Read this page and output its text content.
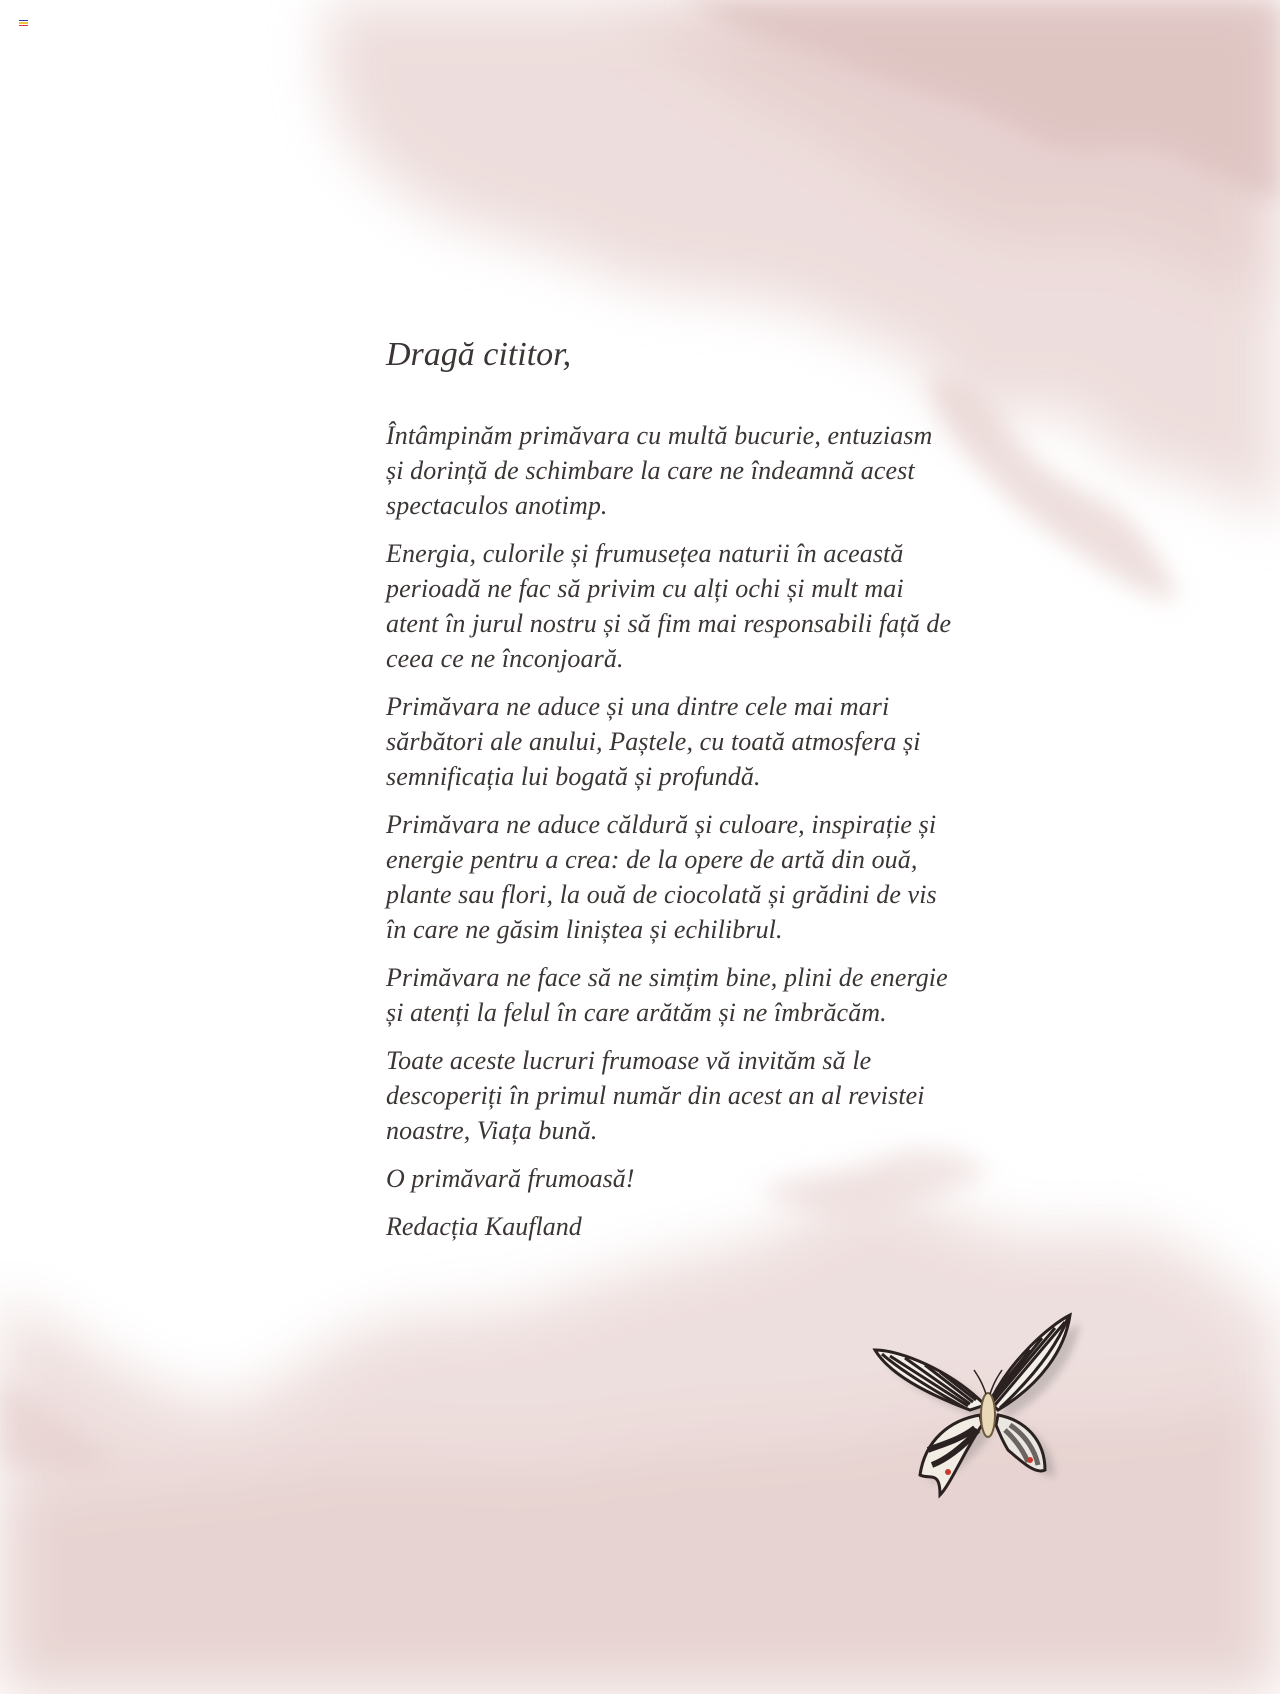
Dragă cititor,

Întâmpinăm primăvara cu multă bucurie, entuziasm și dorință de schimbare la care ne îndeamnă acest spectaculos anotimp.

Energia, culorile și frumusețea naturii în această perioadă ne fac să privim cu alți ochi și mult mai atent în jurul nostru și să fim mai responsabili față de ceea ce ne înconjoară.

Primăvara ne aduce și una dintre cele mai mari sărbători ale anului, Paștele, cu toată atmosfera și semnificația lui bogată și profundă.

Primăvara ne aduce căldură și culoare, inspirație și energie pentru a crea: de la opere de artă din ouă, plante sau flori, la ouă de ciocolată și grădini de vis în care ne găsim liniștea și echilibrul.

Primăvara ne face să ne simțim bine, plini de energie și atenți la felul în care arătăm și ne îmbrăcăm.

Toate aceste lucruri frumoase vă invităm să le descoperiți în primul număr din acest an al revistei noastre, Viața bună.

O primăvară frumoasă!

Redacția Kaufland
